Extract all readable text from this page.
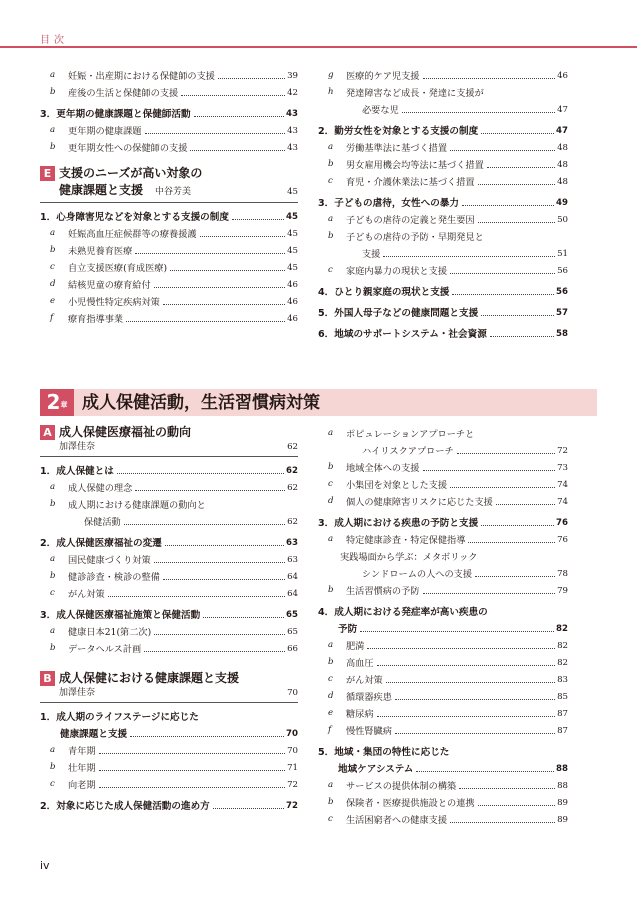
目次
a 妊娠・出産期における保健師の支援	39
b 産後の生活と保健師の支援	42
3．更年期の健康課題と保健師活動	43
a 更年期の健康課題	43
b 更年期女性への保健師の支援	43
E 支援のニーズが高い対象の
健康課題と支援 中谷芳美	45
1．心身障害児などを対象とする支援の制度	45
a 妊娠高血圧症候群等の療養援護	45
b 未熟児養育医療	45
c 自立支援医療(育成医療)	45
d 結核児童の療育給付	46
e 小児慢性特定疾病対策	46
f 療育指導事業	46
g 医療的ケア児支援	46
h 発達障害など成長・発達に支援が
必要な児	47
2．勤労女性を対象とする支援の制度	47
a 労働基準法に基づく措置	48
b 男女雇用機会均等法に基づく措置	48
c 育児・介護休業法に基づく措置	48
3．子どもの虐待，女性への暴力	49
a 子どもの虐待の定義と発生要因	50
b 子どもの虐待の予防・早期発見と
支援	51
c 家庭内暴力の現状と支援	56
4．ひとり親家庭の現状と支援	56
5．外国人母子などの健康問題と支援	57
6．地域のサポートシステム・社会資源	58
2章 成人保健活動，生活習慣病対策
A 成人保健医療福祉の動向
加澤佳奈	62
1．成人保健とは	62
a 成人保健の理念	62
b 成人期における健康課題の動向と
保健活動	62
2．成人保健医療福祉の変遷	63
a 国民健康づくり対策	63
b 健診診査・検診の整備	64
c がん対策	64
3．成人保健医療福祉施策と保健活動	65
a 健康日本21(第二次)	65
b データヘルス計画	66
B 成人保健における健康課題と支援
加澤佳奈	70
1．成人期のライフステージに応じた
健康課題と支援	70
a 青年期	70
b 壮年期	71
c 向老期	72
2．対象に応じた成人保健活動の進め方	72
a ポピュレーションアプローチと
ハイリスクアプローチ	72
b 地域全体への支援	73
c 小集団を対象とした支援	74
d 個人の健康障害リスクに応じた支援	74
3．成人期における疾患の予防と支援	76
a 特定健康診査・特定保健指導	76
実践場面から学ぶ：メタボリック
シンドロームの人への支援	78
b 生活習慣病の予防	79
4．成人期における発症率が高い疾患の
予防	82
a 肥満	82
b 高血圧	82
c がん対策	83
d 循環器疾患	85
e 糖尿病	87
f 慢性腎臓病	87
5．地域・集団の特性に応じた
地域ケアシステム	88
a サービスの提供体制の構築	88
b 保険者・医療提供施設との連携	89
c 生活困窮者への健康支援	89
iv
